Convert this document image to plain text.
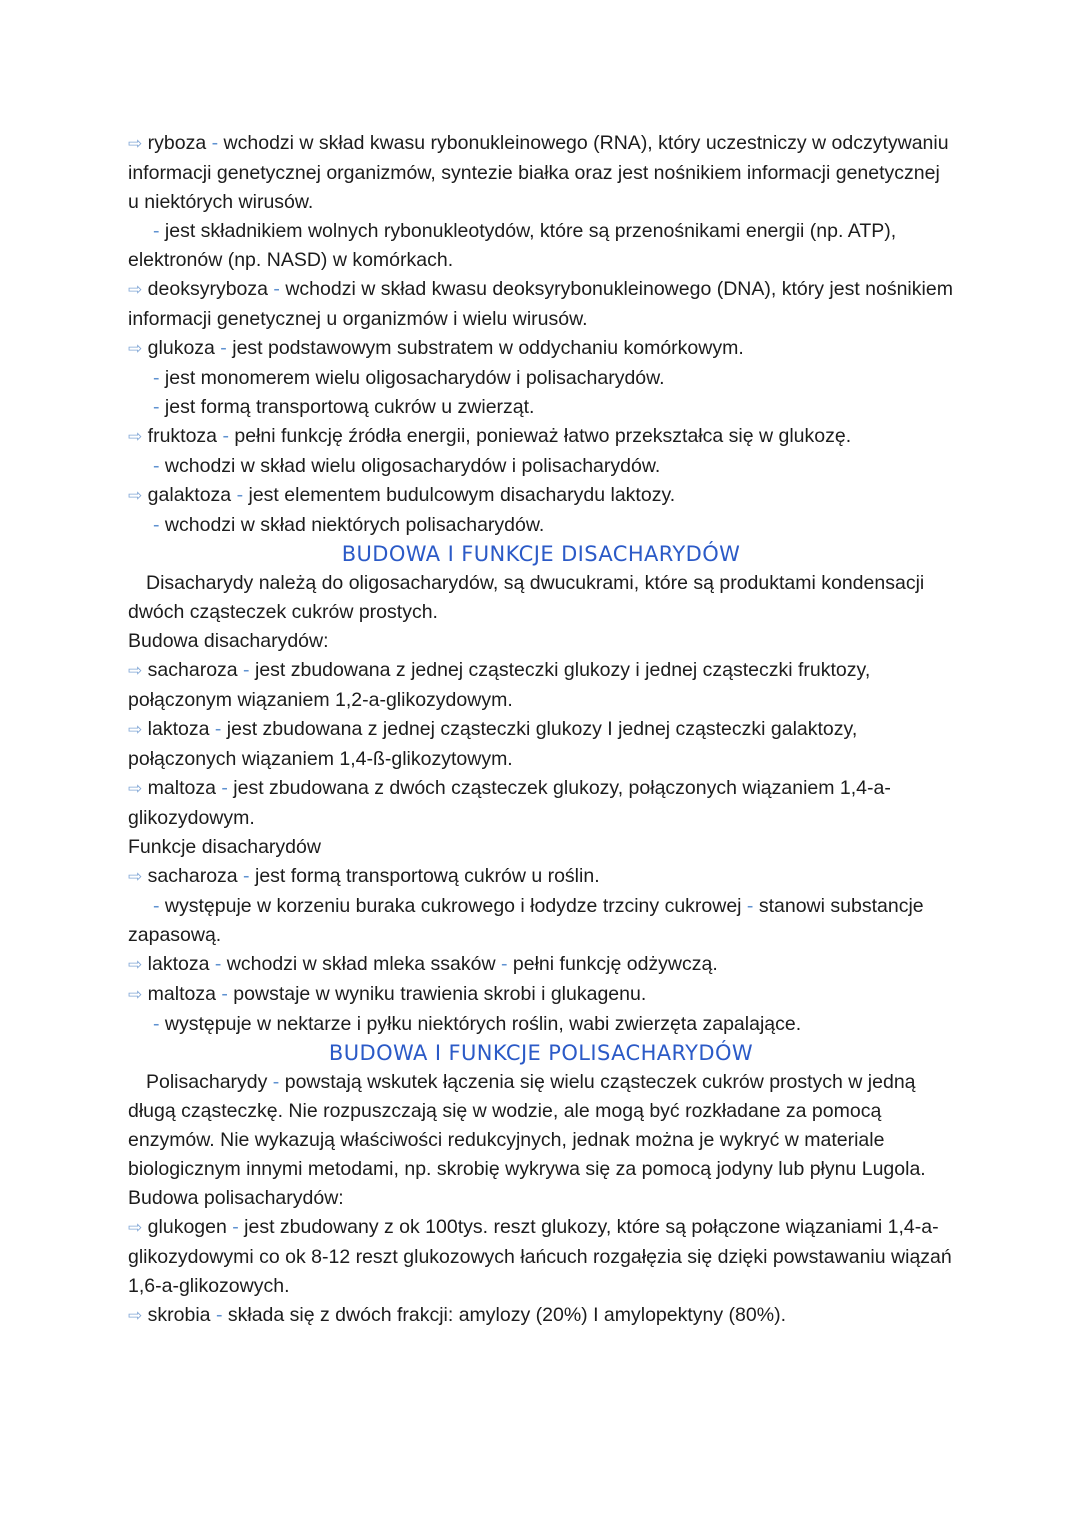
⇨ ryboza - wchodzi w skład kwasu rybonukleinowego (RNA), który uczestniczy w odczytywaniu informacji genetycznej organizmów, syntezie białka oraz jest nośnikiem informacji genetycznej u niektórych wirusów.

- jest składnikiem wolnych rybonukleotydów, które są przenośnikami energii (np. ATP), elektronów (np. NASD) w komórkach.

⇨ deoksyryboza - wchodzi w skład kwasu deoksyrybonukleinowego (DNA), który jest nośnikiem informacji genetycznej u organizmów i wielu wirusów.

⇨ glukoza - jest podstawowym substratem w oddychaniu komórkowym.

- jest monomerem wielu oligosacharydów i polisacharydów.

- jest formą transportową cukrów u zwierząt.

⇨ fruktoza - pełni funkcję źródła energii, ponieważ łatwo przekształca się w glukozę.

- wchodzi w skład wielu oligosacharydów i polisacharydów.

⇨ galaktoza - jest elementem budulcowym disacharydu laktozy.

- wchodzi w skład niektórych polisacharydów.

BUDOWA I FUNKCJE DISACHARYDÓW

Disacharydy należą do oligosacharydów, są dwucukrami, które są produktami kondensacji dwóch cząsteczek cukrów prostych.

Budowa disacharydów:

⇨ sacharoza - jest zbudowana z jednej cząsteczki glukozy i jednej cząsteczki fruktozy, połączonym wiązaniem 1,2-a-glikozydowym.

⇨ laktoza - jest zbudowana z jednej cząsteczki glukozy I jednej cząsteczki galaktozy, połączonych wiązaniem 1,4-ß-glikozytowym.

⇨ maltoza - jest zbudowana z dwóch cząsteczek glukozy, połączonych wiązaniem 1,4-a-glikozydowym.

Funkcje disacharydów

⇨ sacharoza - jest formą transportową cukrów u roślin.

- występuje w korzeniu buraka cukrowego i łodydze trzciny cukrowej - stanowi substancje zapasową.

⇨ laktoza - wchodzi w skład mleka ssaków - pełni funkcję odżywczą.

⇨ maltoza - powstaje w wyniku trawienia skrobi i glukagenu.

- występuje w nektarze i pyłku niektórych roślin, wabi zwierzęta zapalające.

BUDOWA I FUNKCJE POLISACHARYDÓW

Polisacharydy - powstają wskutek łączenia się wielu cząsteczek cukrów prostych w jedną długą cząsteczkę. Nie rozpuszczają się w wodzie, ale mogą być rozkładane za pomocą enzymów. Nie wykazują właściwości redukcyjnych, jednak można je wykryć w materiale biologicznym innymi metodami, np. skrobię wykrywa się za pomocą jodyny lub płynu Lugola.

Budowa polisacharydów:

⇨ glukogen - jest zbudowany z ok 100tys. reszt glukozy, które są połączone wiązaniami 1,4-a-glikozydowymi co ok 8-12 reszt glukozowych łańcuch rozgałęzia się dzięki powstawaniu wiązań 1,6-a-glikozowych.

⇨ skrobia - składa się z dwóch frakcji: amylozy (20%) I amylopektyny (80%).
